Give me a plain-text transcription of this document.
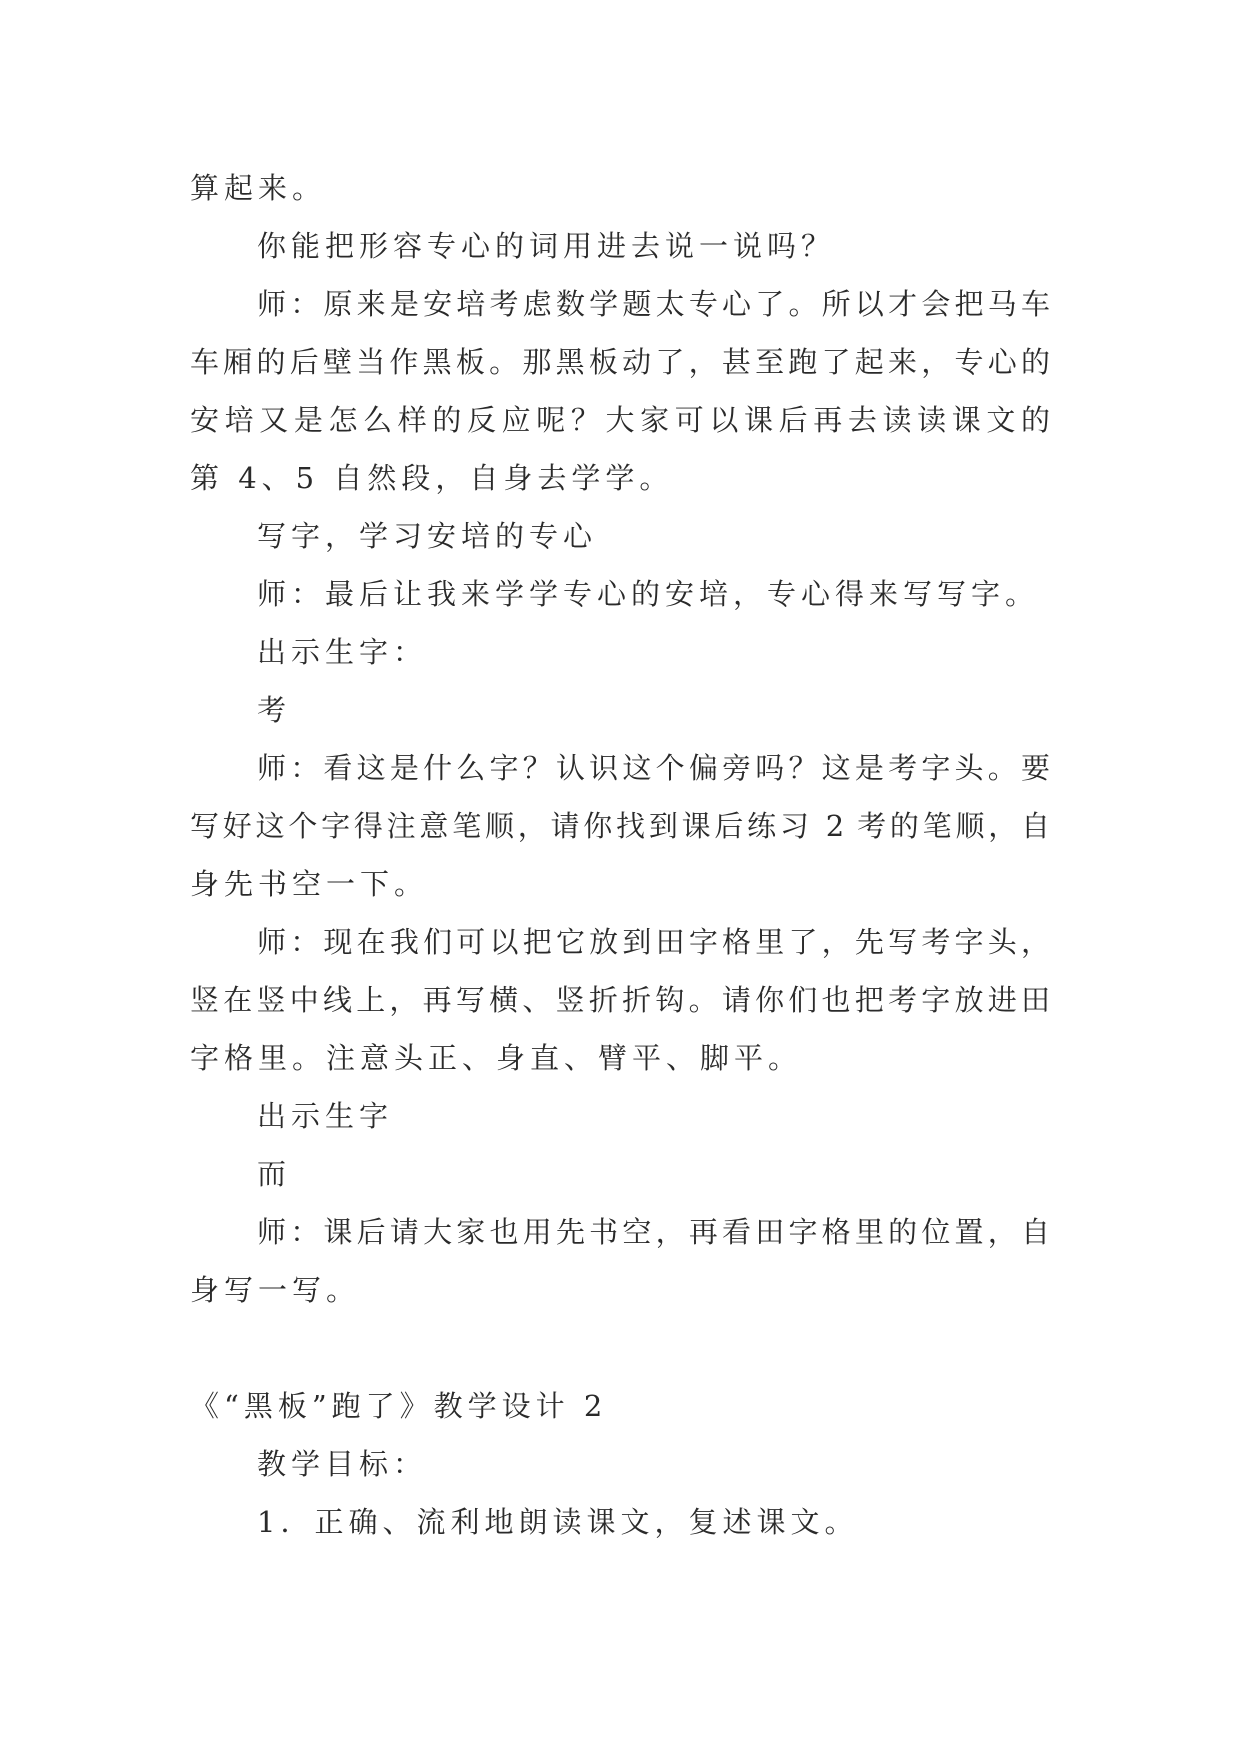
算起来。
你能把形容专心的词用进去说一说吗？
师：原来是安培考虑数学题太专心了。所以才会把马车
车厢的后壁当作黑板。那黑板动了，甚至跑了起来，专心的
安培又是怎么样的反应呢？大家可以课后再去读读课文的
第 4、5 自然段，自身去学学。
写字，学习安培的专心
师：最后让我来学学专心的安培，专心得来写写字。
出示生字：
考
师：看这是什么字？认识这个偏旁吗？这是考字头。要
写好这个字得注意笔顺，请你找到课后练习 2 考的笔顺，自
身先书空一下。
师：现在我们可以把它放到田字格里了，先写考字头，
竖在竖中线上，再写横、竖折折钩。请你们也把考字放进田
字格里。注意头正、身直、臂平、脚平。
出示生字
而
师：课后请大家也用先书空，再看田字格里的位置，自
身写一写。
《“黑板”跑了》教学设计 2
教学目标：
1．正确、流利地朗读课文，复述课文。
